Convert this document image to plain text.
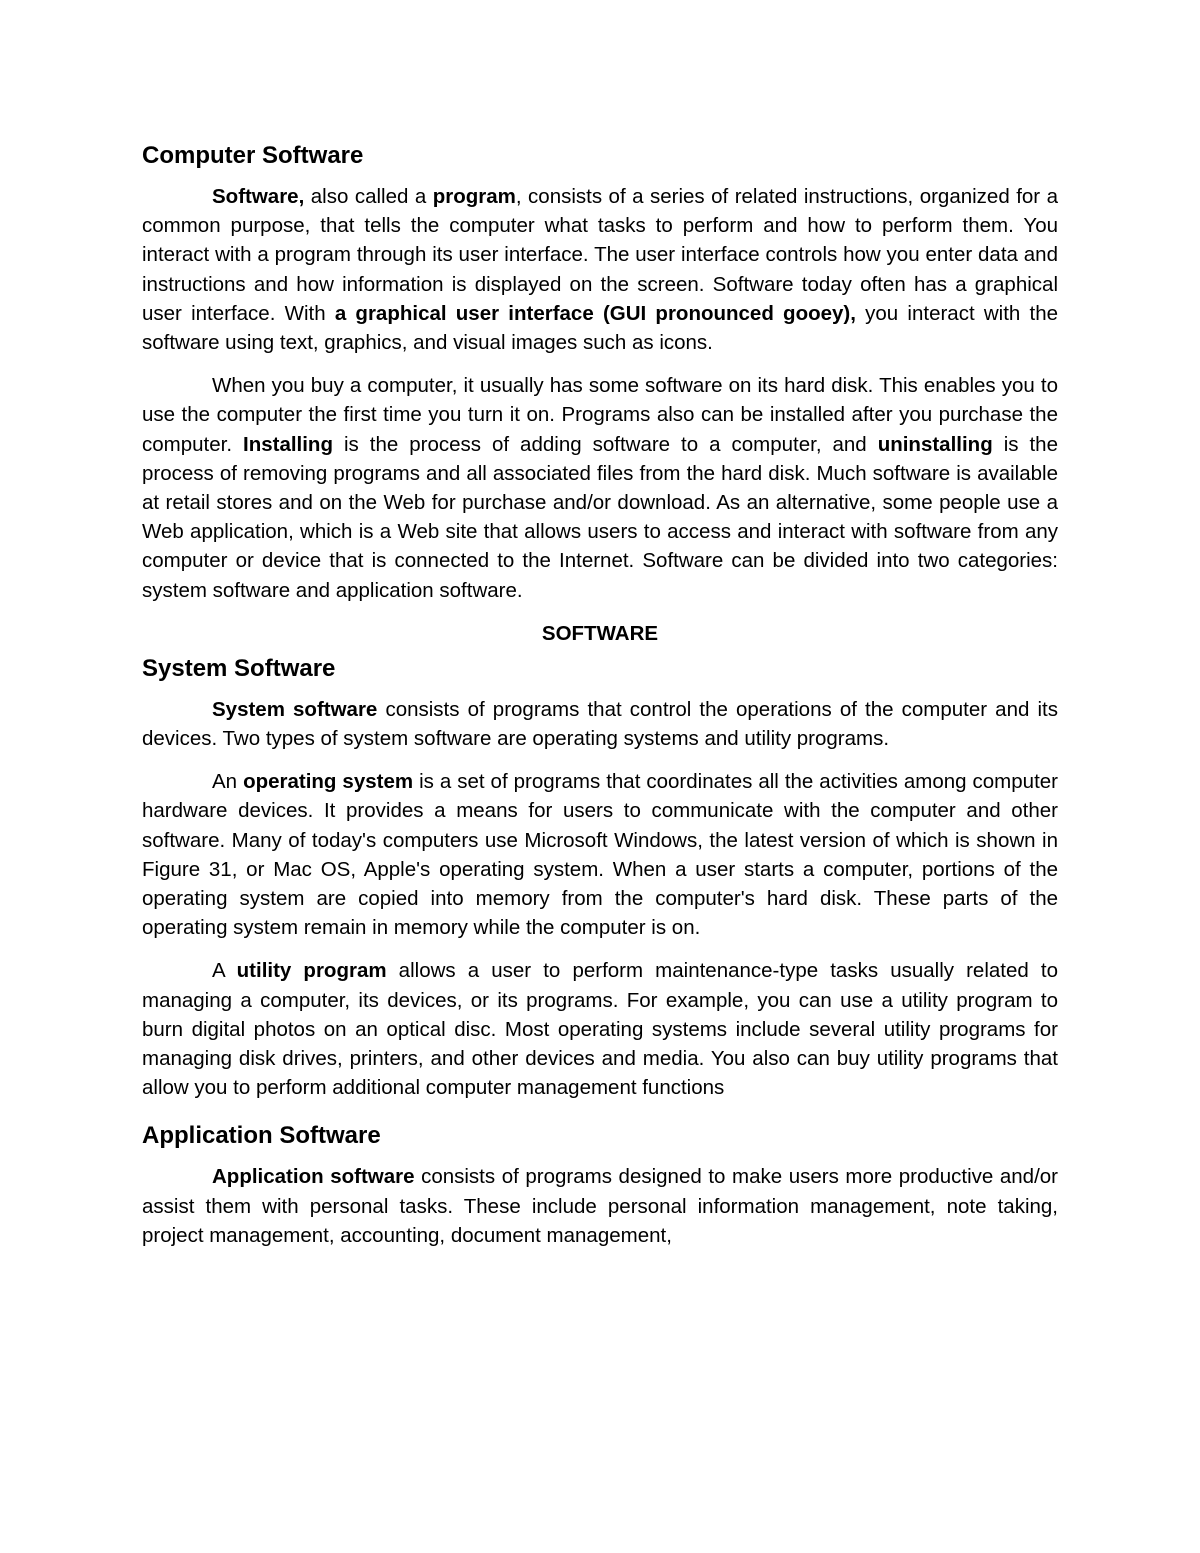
Computer Software

Software, also called a program, consists of a series of related instructions, organized for a common purpose, that tells the computer what tasks to perform and how to perform them. You interact with a program through its user interface. The user interface controls how you enter data and instructions and how information is displayed on the screen. Software today often has a graphical user interface. With a graphical user interface (GUI pronounced gooey), you interact with the software using text, graphics, and visual images such as icons.

When you buy a computer, it usually has some software on its hard disk. This enables you to use the computer the first time you turn it on. Programs also can be installed after you purchase the computer. Installing is the process of adding software to a computer, and uninstalling is the process of removing programs and all associated files from the hard disk. Much software is available at retail stores and on the Web for purchase and/or download. As an alternative, some people use a Web application, which is a Web site that allows users to access and interact with software from any computer or device that is connected to the Internet. Software can be divided into two categories: system software and application software.

SOFTWARE

System Software

System software consists of programs that control the operations of the computer and its devices. Two types of system software are operating systems and utility programs.

An operating system is a set of programs that coordinates all the activities among computer hardware devices. It provides a means for users to communicate with the computer and other software. Many of today's computers use Microsoft Windows, the latest version of which is shown in Figure 31, or Mac OS, Apple's operating system. When a user starts a computer, portions of the operating system are copied into memory from the computer's hard disk. These parts of the operating system remain in memory while the computer is on.

A utility program allows a user to perform maintenance-type tasks usually related to managing a computer, its devices, or its programs. For example, you can use a utility program to burn digital photos on an optical disc. Most operating systems include several utility programs for managing disk drives, printers, and other devices and media. You also can buy utility programs that allow you to perform additional computer management functions

Application Software

Application software consists of programs designed to make users more productive and/or assist them with personal tasks. These include personal information management, note taking, project management, accounting, document management,
